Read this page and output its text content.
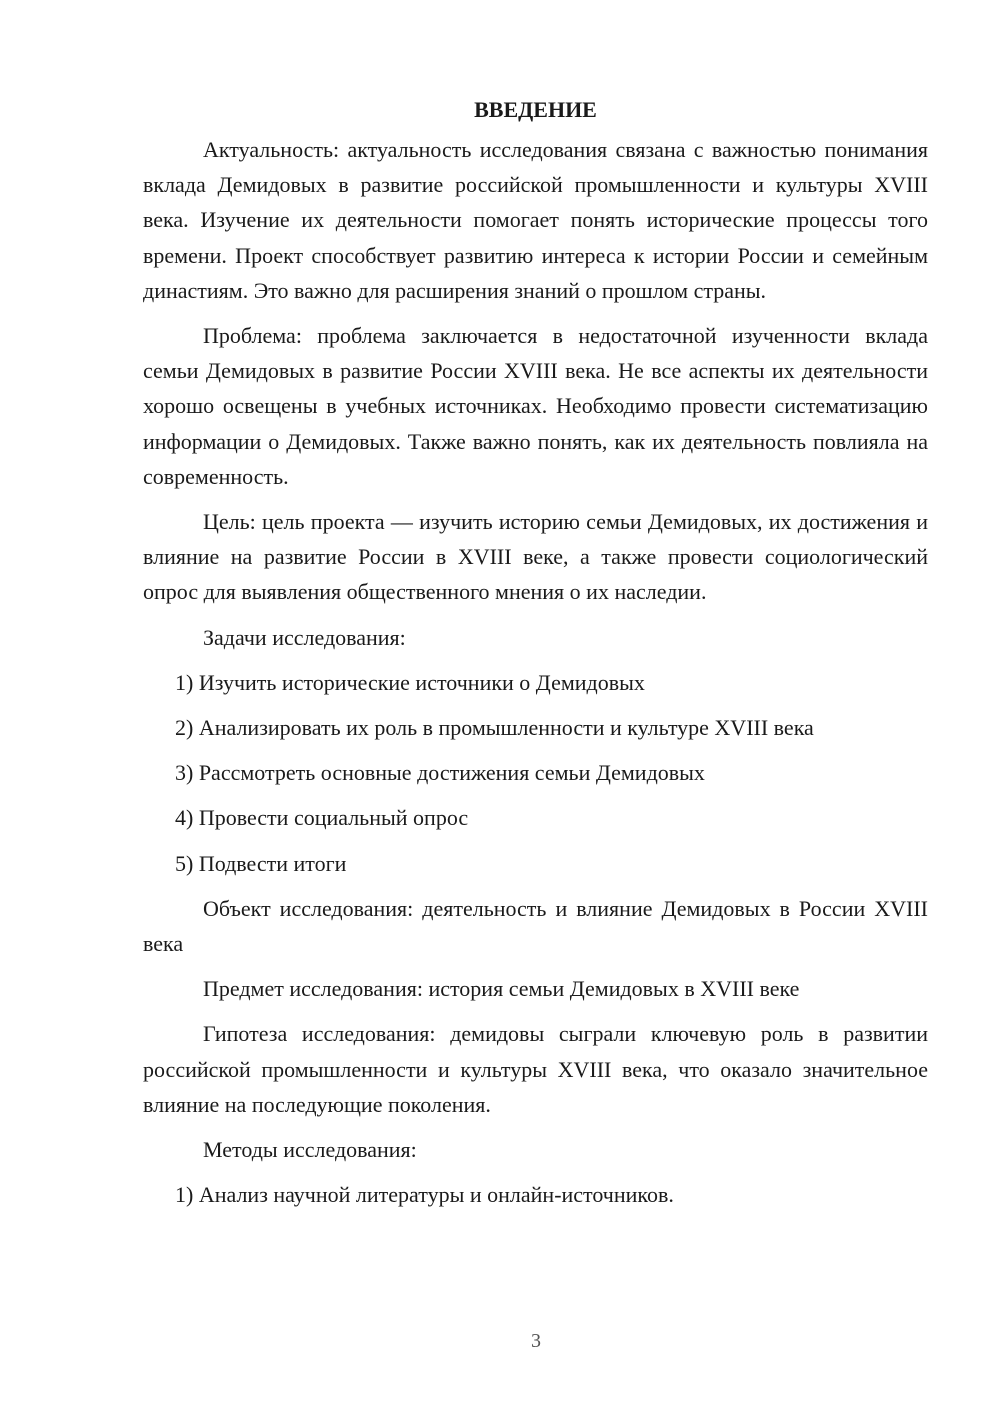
ВВЕДЕНИЕ

Актуальность: актуальность исследования связана с важностью понимания вклада Демидовых в развитие российской промышленности и культуры XVIII века. Изучение их деятельности помогает понять исторические процессы того времени. Проект способствует развитию интереса к истории России и семейным династиям. Это важно для расширения знаний о прошлом страны.

Проблема: проблема заключается в недостаточной изученности вклада семьи Демидовых в развитие России XVIII века. Не все аспекты их деятельности хорошо освещены в учебных источниках. Необходимо провести систематизацию информации о Демидовых. Также важно понять, как их деятельность повлияла на современность.

Цель: цель проекта — изучить историю семьи Демидовых, их достижения и влияние на развитие России в XVIII веке, а также провести социологический опрос для выявления общественного мнения о их наследии.

Задачи исследования:

1) Изучить исторические источники о Демидовых
2) Анализировать их роль в промышленности и культуре XVIII века
3) Рассмотреть основные достижения семьи Демидовых
4) Провести социальный опрос
5) Подвести итоги

Объект исследования: деятельность и влияние Демидовых в России XVIII века

Предмет исследования: история семьи Демидовых в XVIII веке

Гипотеза исследования: демидовы сыграли ключевую роль в развитии российской промышленности и культуры XVIII века, что оказало значительное влияние на последующие поколения.

Методы исследования:

1) Анализ научной литературы и онлайн-источников.
3
